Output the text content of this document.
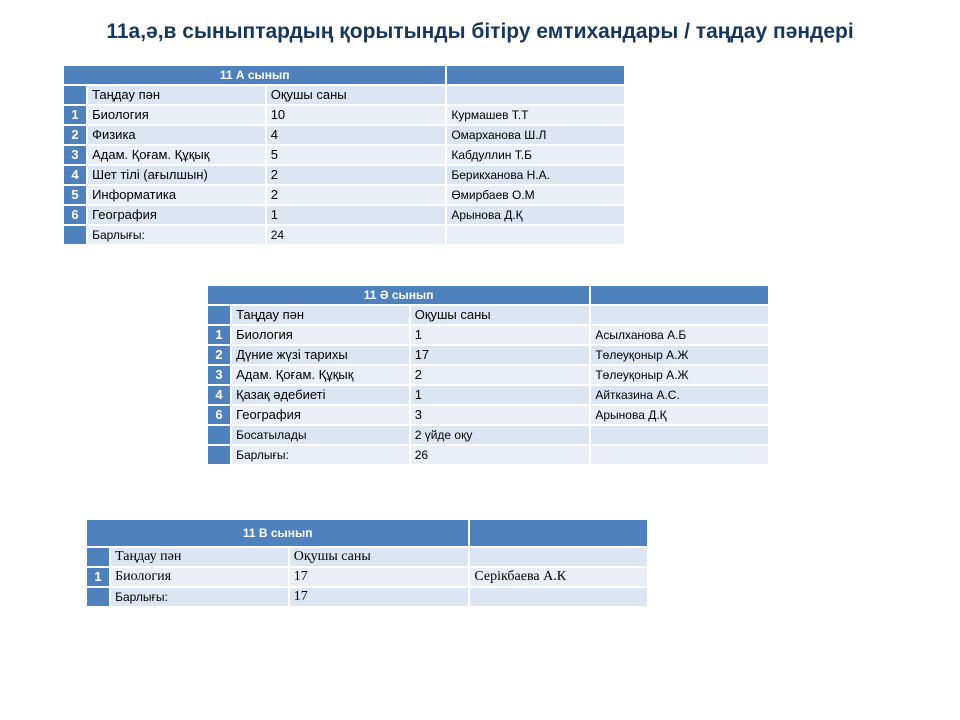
11а,ә,в сыныптардың қорытынды бітіру емтихандары / таңдау пәндері
11 А сынып			
	Таңдау пән	Оқушы саны	
1	Биология	10	Курмашев Т.Т
2	Физика	4	Омарханова Ш.Л
3	Адам. Қоғам. Құқық	5	Кабдуллин Т.Б
4	Шет тілі (ағылшын)	2	Берикханова Н.А.
5	Информатика	2	Өмирбаев О.М
6	География	1	Арынова Д.Қ
	Барлығы:	24	
11 Ә сынып			
	Таңдау пән	Оқушы саны	
1	Биология	1	Асылханова А.Б
2	Дүние жүзі тарихы	17	Төлеуқоныр А.Ж
3	Адам. Қоғам. Құқық	2	Төлеуқоныр А.Ж
4	Қазақ әдебиеті	1	Айтказина А.С.
6	География	3	Арынова Д.Қ
	Босатылады	2 үйде оқу	
	Барлығы:	26	
11 В сынып			
	Таңдау пән	Оқушы саны	
1	Биология	17	Серікбаева А.К
	Барлығы:	17	
